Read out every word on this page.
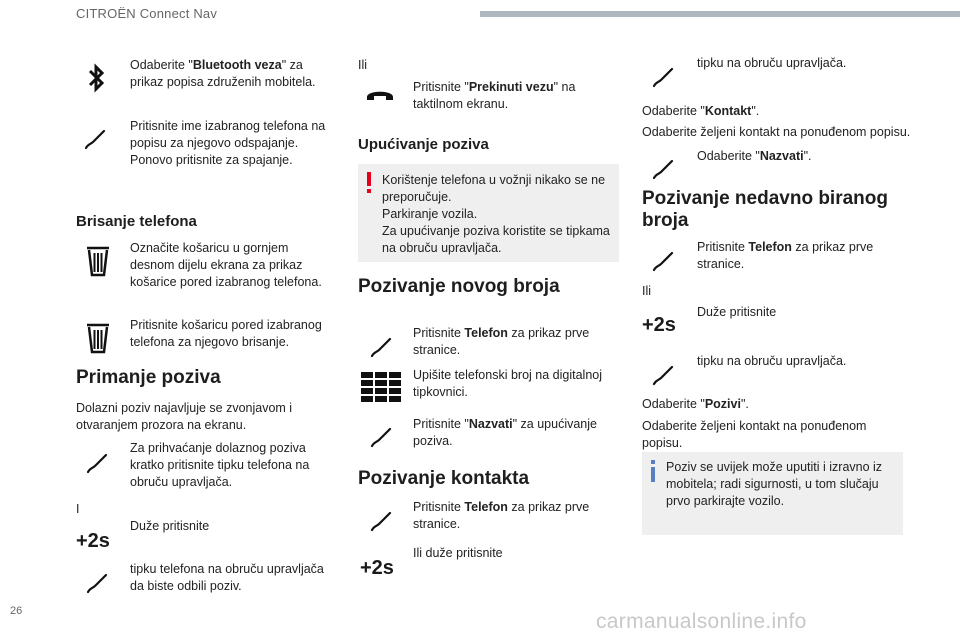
CITROËN Connect Nav
Odaberite "Bluetooth veza" za prikaz popisa združenih mobitela.
Pritisnite ime izabranog telefona na popisu za njegovo odspajanje. Ponovo pritisnite za spajanje.
Brisanje telefona
Označite košaricu u gornjem desnom dijelu ekrana za prikaz košarice pored izabranog telefona.
Pritisnite košaricu pored izabranog telefona za njegovo brisanje.
Primanje poziva
Dolazni poziv najavljuje se zvonjavom i otvaranjem prozora na ekranu.
Za prihvaćanje dolaznog poziva kratko pritisnite tipku telefona na obruču upravljača.
I
+2s
Duže pritisnite
tipku telefona na obruču upravljača da biste odbili poziv.
Ili
Pritisnite "Prekinuti vezu" na taktilnom ekranu.
Upućivanje poziva
Korištenje telefona u vožnji nikako se ne preporučuje.
Parkiranje vozila.
Za upućivanje poziva koristite se tipkama na obruču upravljača.
Pozivanje novog broja
Pritisnite Telefon za prikaz prve stranice.
Upišite telefonski broj na digitalnoj tipkovnici.
Pritisnite "Nazvati" za upućivanje poziva.
Pozivanje kontakta
Pritisnite Telefon za prikaz prve stranice.
+2s
Ili duže pritisnite
tipku na obruču upravljača.
Odaberite "Kontakt".
Odaberite željeni kontakt na ponuđenom popisu.
Odaberite "Nazvati".
Pozivanje nedavno biranog broja
Pritisnite Telefon za prikaz prve stranice.
Ili
+2s
Duže pritisnite
tipku na obruču upravljača.
Odaberite "Pozivi".
Odaberite željeni kontakt na ponuđenom popisu.
Poziv se uvijek može uputiti i izravno iz mobitela; radi sigurnosti, u tom slučaju prvo parkirajte vozilo.
26	carmanualsonline.info
